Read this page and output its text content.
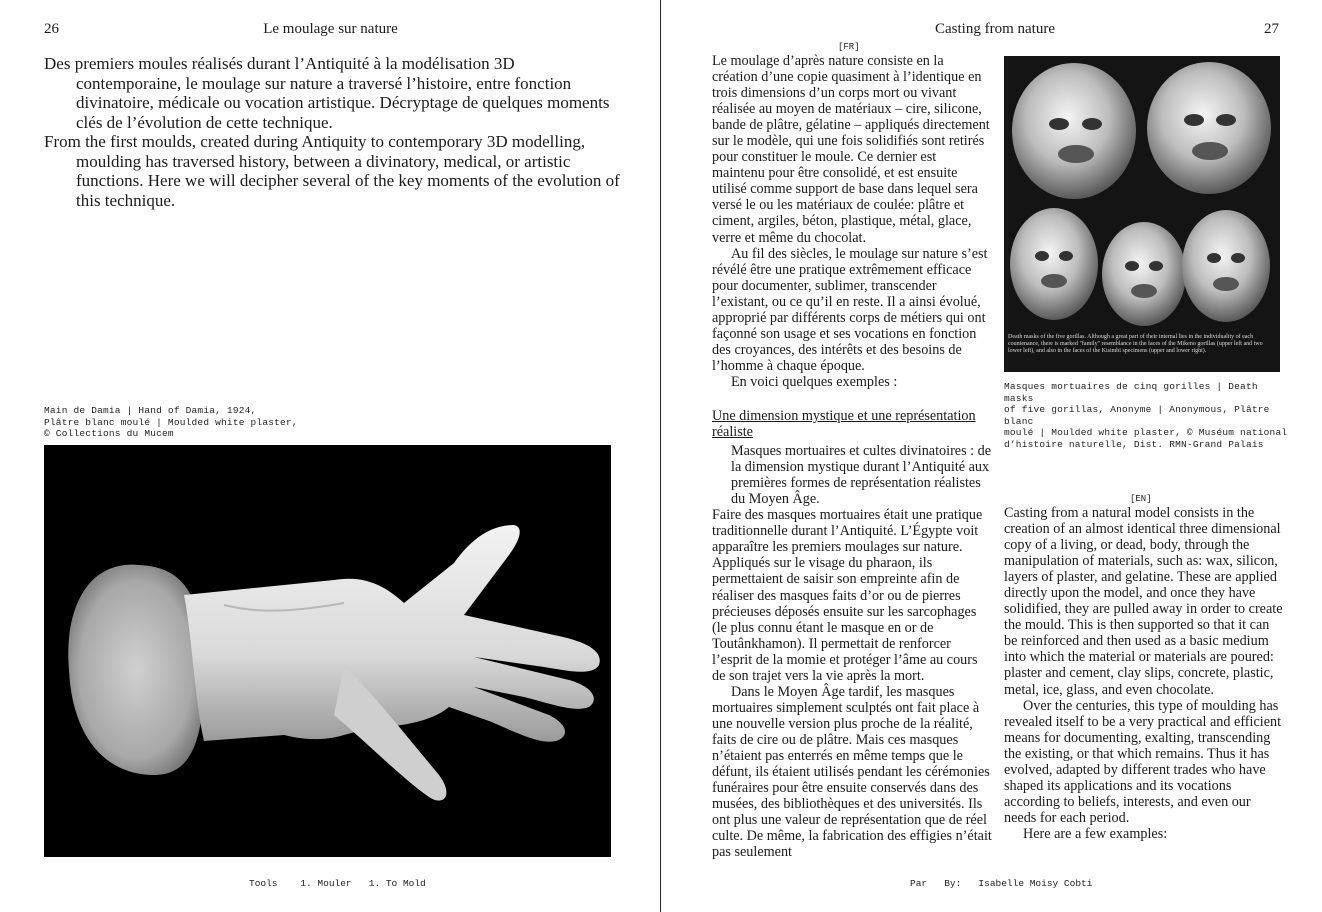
26	Le moulage sur nature

Des premiers moules réalisés durant l’Antiquité à la modélisation 3D contemporaine, le moulage sur nature a traversé l’histoire, entre fonction divinatoire, médicale ou vocation artistique. Décryptage de quelques moments clés de l’évolution de cette technique.

From the first moulds, created during Antiquity to contemporary 3D modelling, moulding has traversed history, between a divinatory, medical, or artistic functions. Here we will decipher several of the key moments of the evolution of this technique.

Main de Damia | Hand of Damia, 1924,
Plâtre blanc moulé | Moulded white plaster,
© Collections du Mucem
Tools 1. Mouler 1. To Mold
Casting from nature	27
[FR]

Le moulage d’après nature consiste en la création d’une copie quasiment à l’identique en trois dimensions d’un corps mort ou vivant réalisée au moyen de matériaux – cire, silicone, bande de plâtre, gélatine – appliqués directement sur le modèle, qui une fois solidifiés sont retirés pour constituer le moule. Ce dernier est maintenu pour être consolidé, et est ensuite utilisé comme support de base dans lequel sera versé le ou les matériaux de coulée: plâtre et ciment, argiles, béton, plastique, métal, glace, verre et même du chocolat.

Au fil des siècles, le moulage sur nature s’est révélé être une pratique extrêmement efficace pour documenter, sublimer, transcender l’existant, ou ce qu’il en reste. Il a ainsi évolué, approprié par différents corps de métiers qui ont façonné son usage et ses vocations en fonction des croyances, des intérêts et des besoins de l’homme à chaque époque.

En voici quelques exemples :

Une dimension mystique et une représentation réaliste

Masques mortuaires et cultes divinatoires : de la dimension mystique durant l’Antiquité aux premières formes de représentation réalistes du Moyen Âge.

Faire des masques mortuaires était une pratique traditionnelle durant l’Antiquité. L’Égypte voit apparaître les premiers moulages sur nature. Appliqués sur le visage du pharaon, ils permettaient de saisir son empreinte afin de réaliser des masques faits d’or ou de pierres précieuses déposés ensuite sur les sarcophages (le plus connu étant le masque en or de Toutânkhamon). Il permettait de renforcer l’esprit de la momie et protéger l’âme au cours de son trajet vers la vie après la mort.

Dans le Moyen Âge tardif, les masques mortuaires simplement sculptés ont fait place à une nouvelle version plus proche de la réalité, faits de cire ou de plâtre. Mais ces masques n’étaient pas enterrés en même temps que le défunt, ils étaient utilisés pendant les cérémonies funéraires pour être ensuite conservés dans des musées, des bibliothèques et des universités. Ils ont plus une valeur de représentation que de réel culte. De même, la fabrication des effigies n’était pas seulement

Death masks of the five gorillas. Although a great part of their internal lies in the individuality of each countenance, there is marked "family" resemblance in the faces of the Mikeno gorillas (upper left and two lower left), and also in the faces of the Kisimbi specimens (upper and lower right).
Masques mortuaires de cinq gorilles | Death masks
of five gorillas, Anonyme | Anonymous, Plâtre blanc
moulé | Moulded white plaster, © Muséum national
d’histoire naturelle, Dist. RMN-Grand Palais
[EN]

Casting from a natural model consists in the creation of an almost identical three dimensional copy of a living, or dead, body, through the manipulation of materials, such as: wax, silicon, layers of plaster, and gelatine. These are applied directly upon the model, and once they have solidified, they are pulled away in order to create the mould. This is then supported so that it can be reinforced and then used as a basic medium into which the material or materials are poured: plaster and cement, clay slips, concrete, plastic, metal, ice, glass, and even chocolate.

Over the centuries, this type of moulding has revealed itself to be a very practical and efficient means for documenting, exalting, transcending the existing, or that which remains. Thus it has evolved, adapted by different trades who have shaped its applications and its vocations according to beliefs, interests, and even our needs for each period.

Here are a few examples:

Par   By: Isabelle Moisy Cobti
